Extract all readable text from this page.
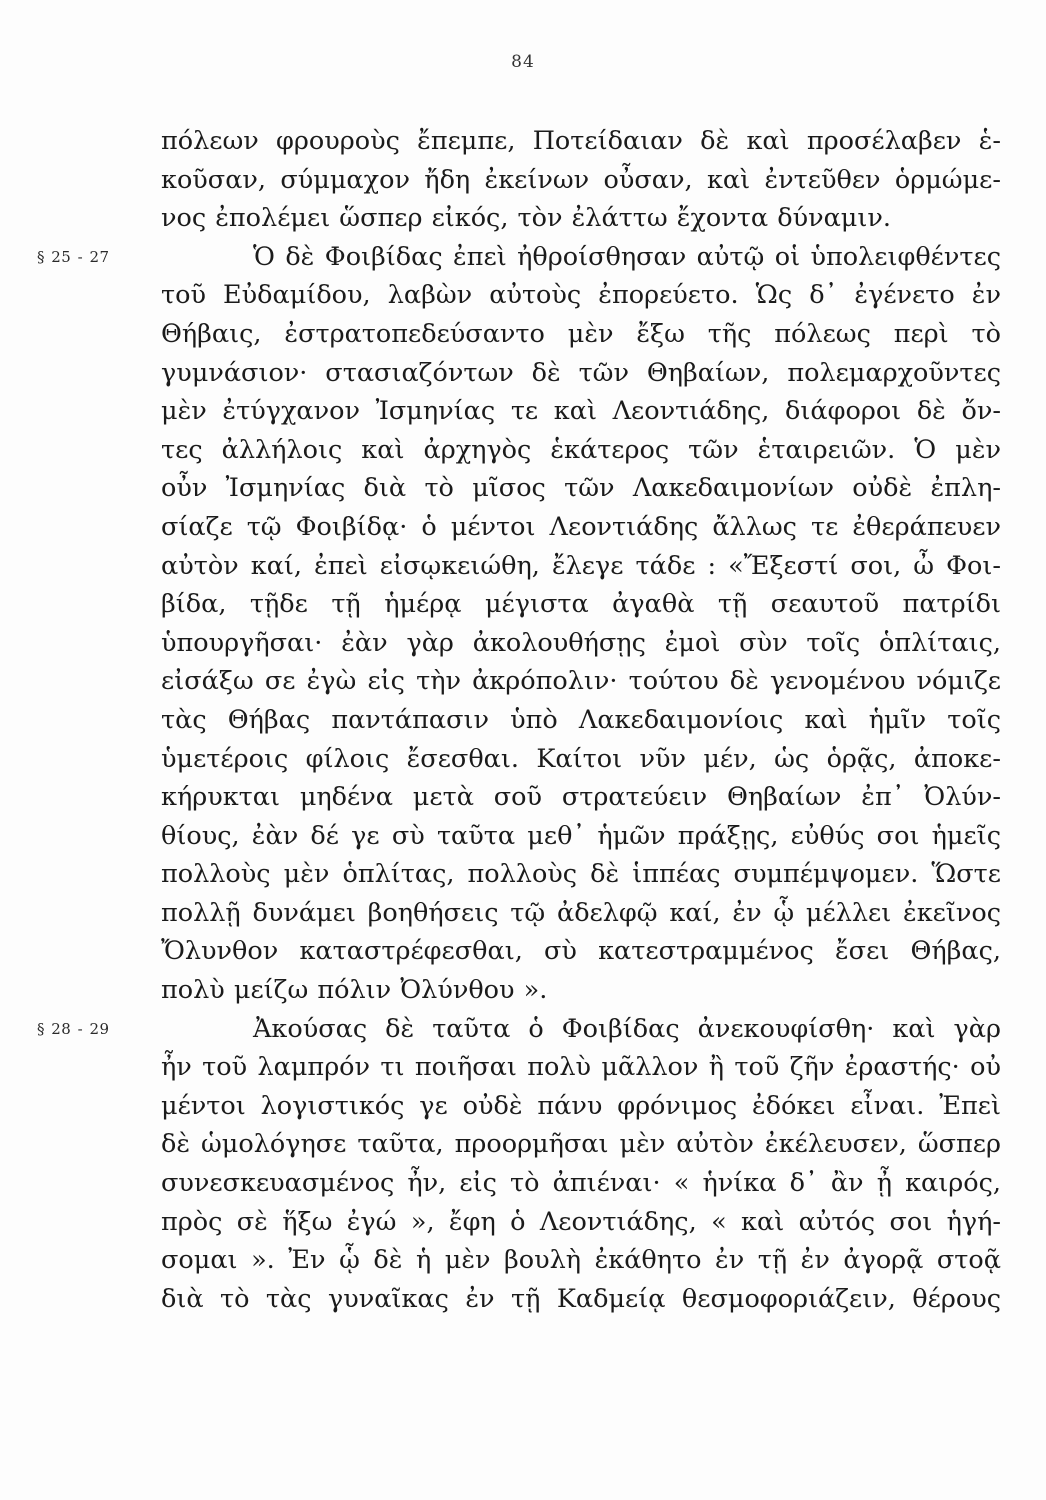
84
πόλεων φρουροὺς ἔπεμπε, Ποτείδαιαν δὲ καὶ προσέλαβεν ἑ-
κοῦσαν, σύμμαχον ἤδη ἐκείνων οὖσαν, καὶ ἐντεῦθεν ὁρμώμε-
νος ἐπολέμει ὥσπερ εἰκός, τὸν ἐλάττω ἔχοντα δύναμιν.
§ 25 - 27	Ὁ δὲ Φοιβίδας ἐπεὶ ἠθροίσθησαν αὐτῷ οἱ ὑπολειφθέντες
τοῦ Εὐδαμίδου, λαβὼν αὐτοὺς ἐπορεύετο. Ὡς δ᾽ ἐγένετο ἐν
Θήβαις, ἐστρατοπεδεύσαντο μὲν ἔξω τῆς πόλεως περὶ τὸ
γυμνάσιον· στασιαζόντων δὲ τῶν Θηβαίων, πολεμαρχοῦντες
μὲν ἐτύγχανον Ἰσμηνίας τε καὶ Λεοντιάδης, διάφοροι δὲ ὄν-
τες ἀλλήλοις καὶ ἀρχηγὸς ἑκάτερος τῶν ἑταιρειῶν. Ὁ μὲν
οὖν Ἰσμηνίας διὰ τὸ μῖσος τῶν Λακεδαιμονίων οὐδὲ ἐπλη-
σίαζε τῷ Φοιβίδᾳ· ὁ μέντοι Λεοντιάδης ἄλλως τε ἐθεράπευεν
αὐτὸν καί, ἐπεὶ εἰσῳκειώθη, ἔλεγε τάδε : «Ἔξεστί σοι, ὦ Φοι-
βίδα, τῇδε τῇ ἡμέρᾳ μέγιστα ἀγαθὰ τῇ σεαυτοῦ πατρίδι
ὑπουργῆσαι· ἐὰν γὰρ ἀκολουθήσῃς ἐμοὶ σὺν τοῖς ὁπλίταις,
εἰσάξω σε ἐγὼ εἰς τὴν ἀκρόπολιν· τούτου δὲ γενομένου νόμιζε
τὰς Θήβας παντάπασιν ὑπὸ Λακεδαιμονίοις καὶ ἡμῖν τοῖς
ὑμετέροις φίλοις ἔσεσθαι. Καίτοι νῦν μέν, ὡς ὁρᾷς, ἀποκε-
κήρυκται μηδένα μετὰ σοῦ στρατεύειν Θηβαίων ἐπ᾽ Ὀλύν-
θίους, ἐὰν δέ γε σὺ ταῦτα μεθ᾽ ἡμῶν πράξῃς, εὐθύς σοι ἡμεῖς
πολλοὺς μὲν ὁπλίτας, πολλοὺς δὲ ἱππέας συμπέμψομεν. Ὥστε
πολλῇ δυνάμει βοηθήσεις τῷ ἀδελφῷ καί, ἐν ᾧ μέλλει ἐκεῖνος
Ὄλυνθον καταστρέφεσθαι, σὺ κατεστραμμένος ἔσει Θήβας,
πολὺ μείζω πόλιν Ὀλύνθου ».
§ 28 - 29	Ἀκούσας δὲ ταῦτα ὁ Φοιβίδας ἀνεκουφίσθη· καὶ γὰρ
ἦν τοῦ λαμπρόν τι ποιῆσαι πολὺ μᾶλλον ἢ τοῦ ζῆν ἐραστής· οὐ
μέντοι λογιστικός γε οὐδὲ πάνυ φρόνιμος ἐδόκει εἶναι. Ἐπεὶ
δὲ ὡμολόγησε ταῦτα, προορμῆσαι μὲν αὐτὸν ἐκέλευσεν, ὥσπερ
συνεσκευασμένος ἦν, εἰς τὸ ἀπιέναι· « ἡνίκα δ᾽ ἂν ᾖ καιρός,
πρὸς σὲ ἥξω ἐγώ », ἔφη ὁ Λεοντιάδης, « καὶ αὐτός σοι ἡγή-
σομαι ». Ἐν ᾧ δὲ ἡ μὲν βουλὴ ἐκάθητο ἐν τῇ ἐν ἀγορᾷ στοᾷ
διὰ τὸ τὰς γυναῖκας ἐν τῇ Καδμείᾳ θεσμοφοριάζειν, θέρους
